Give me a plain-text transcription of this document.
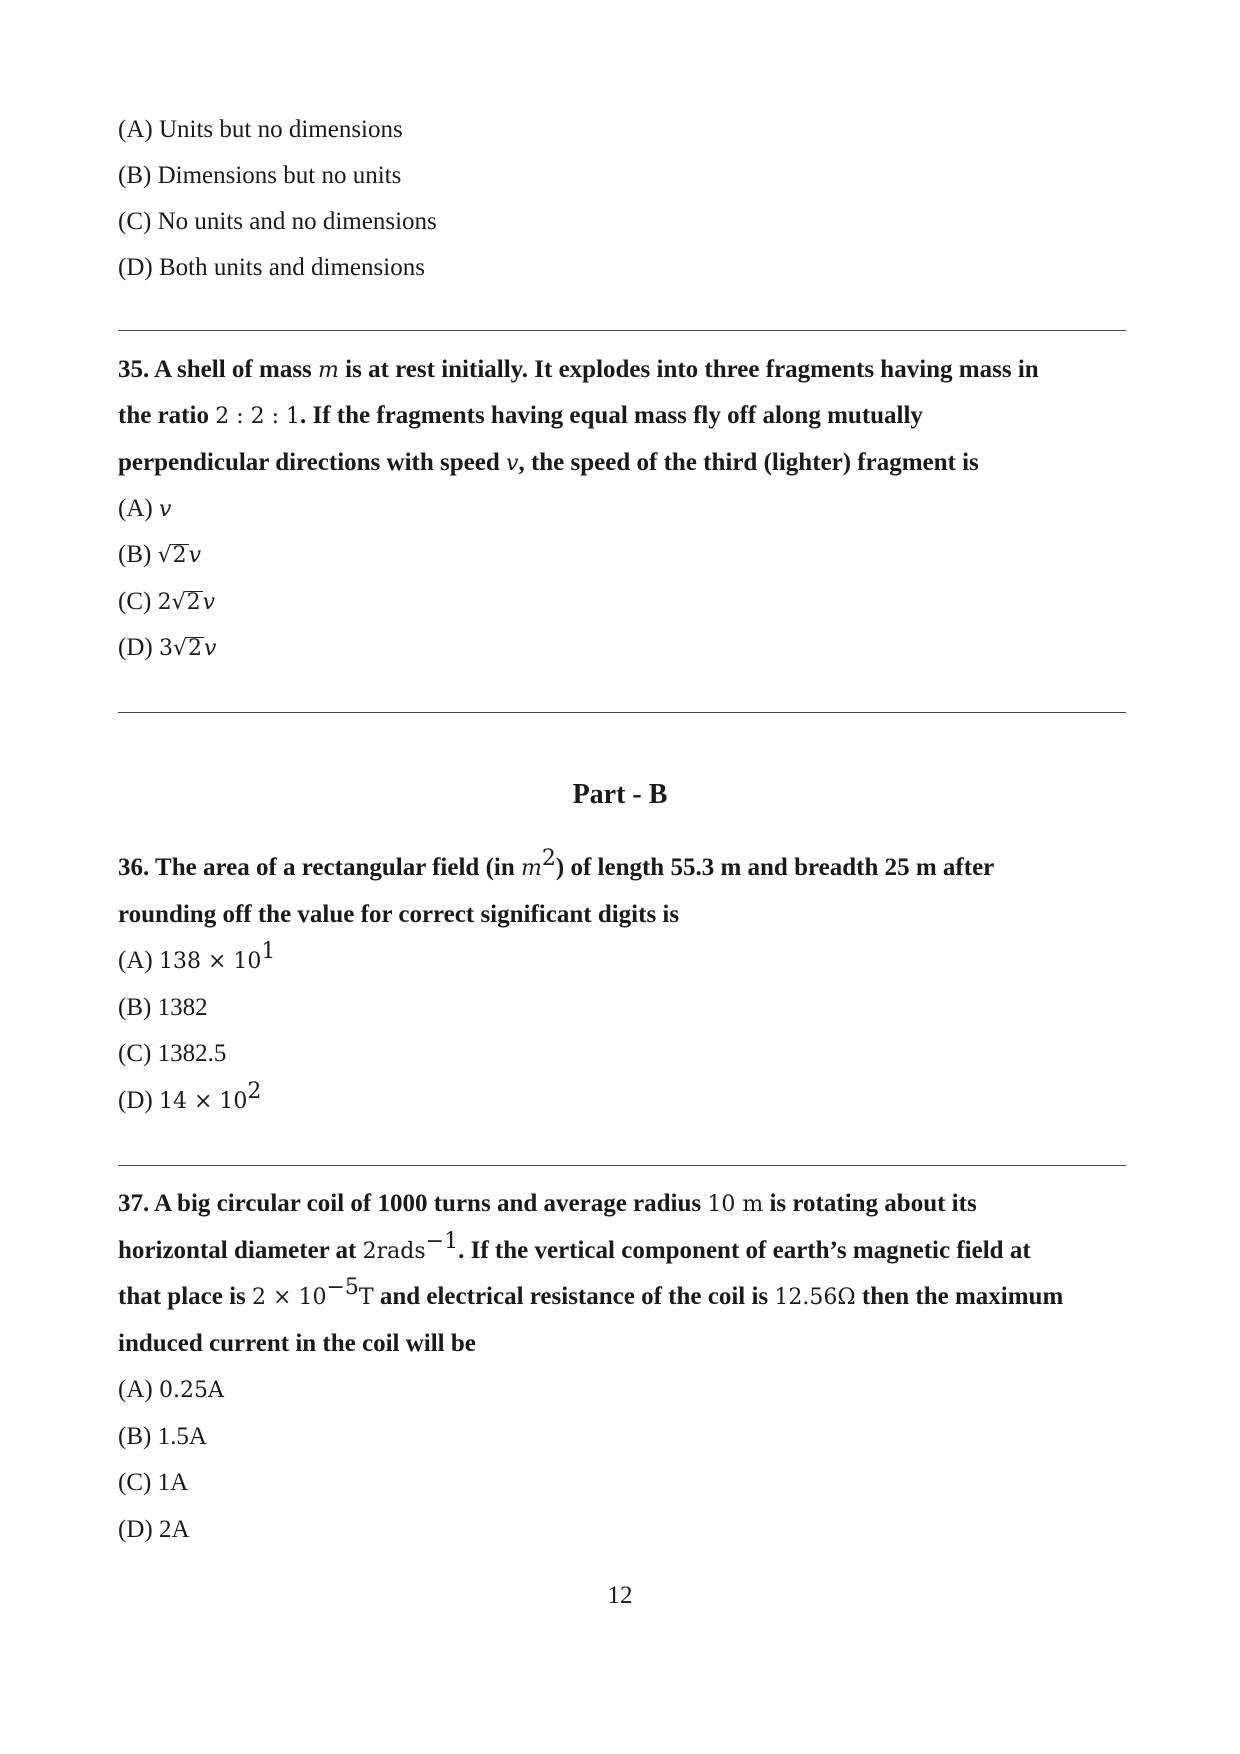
(A) Units but no dimensions
(B) Dimensions but no units
(C) No units and no dimensions
(D) Both units and dimensions
35. A shell of mass m is at rest initially. It explodes into three fragments having mass in
the ratio 2 : 2 : 1. If the fragments having equal mass fly off along mutually
perpendicular directions with speed v, the speed of the third (lighter) fragment is
(A) v
(B) √2v
(C) 2√2v
(D) 3√2v
Part - B
36. The area of a rectangular field (in $m^2$) of length 55.3 m and breadth 25 m after
rounding off the value for correct significant digits is
(A) $138 \times 10^1$
(B) 1382
(C) 1382.5
(D) $14 \times 10^2$
37. A big circular coil of 1000 turns and average radius 10 m is rotating about its
horizontal diameter at 2rads$^{-1}$. If the vertical component of earth’s magnetic field at
that place is $2 \times 10^{-5}T$ and electrical resistance of the coil is 12.56Ω then the maximum
induced current in the coil will be
(A) 0.25A
(B) 1.5A
(C) 1A
(D) 2A
12
